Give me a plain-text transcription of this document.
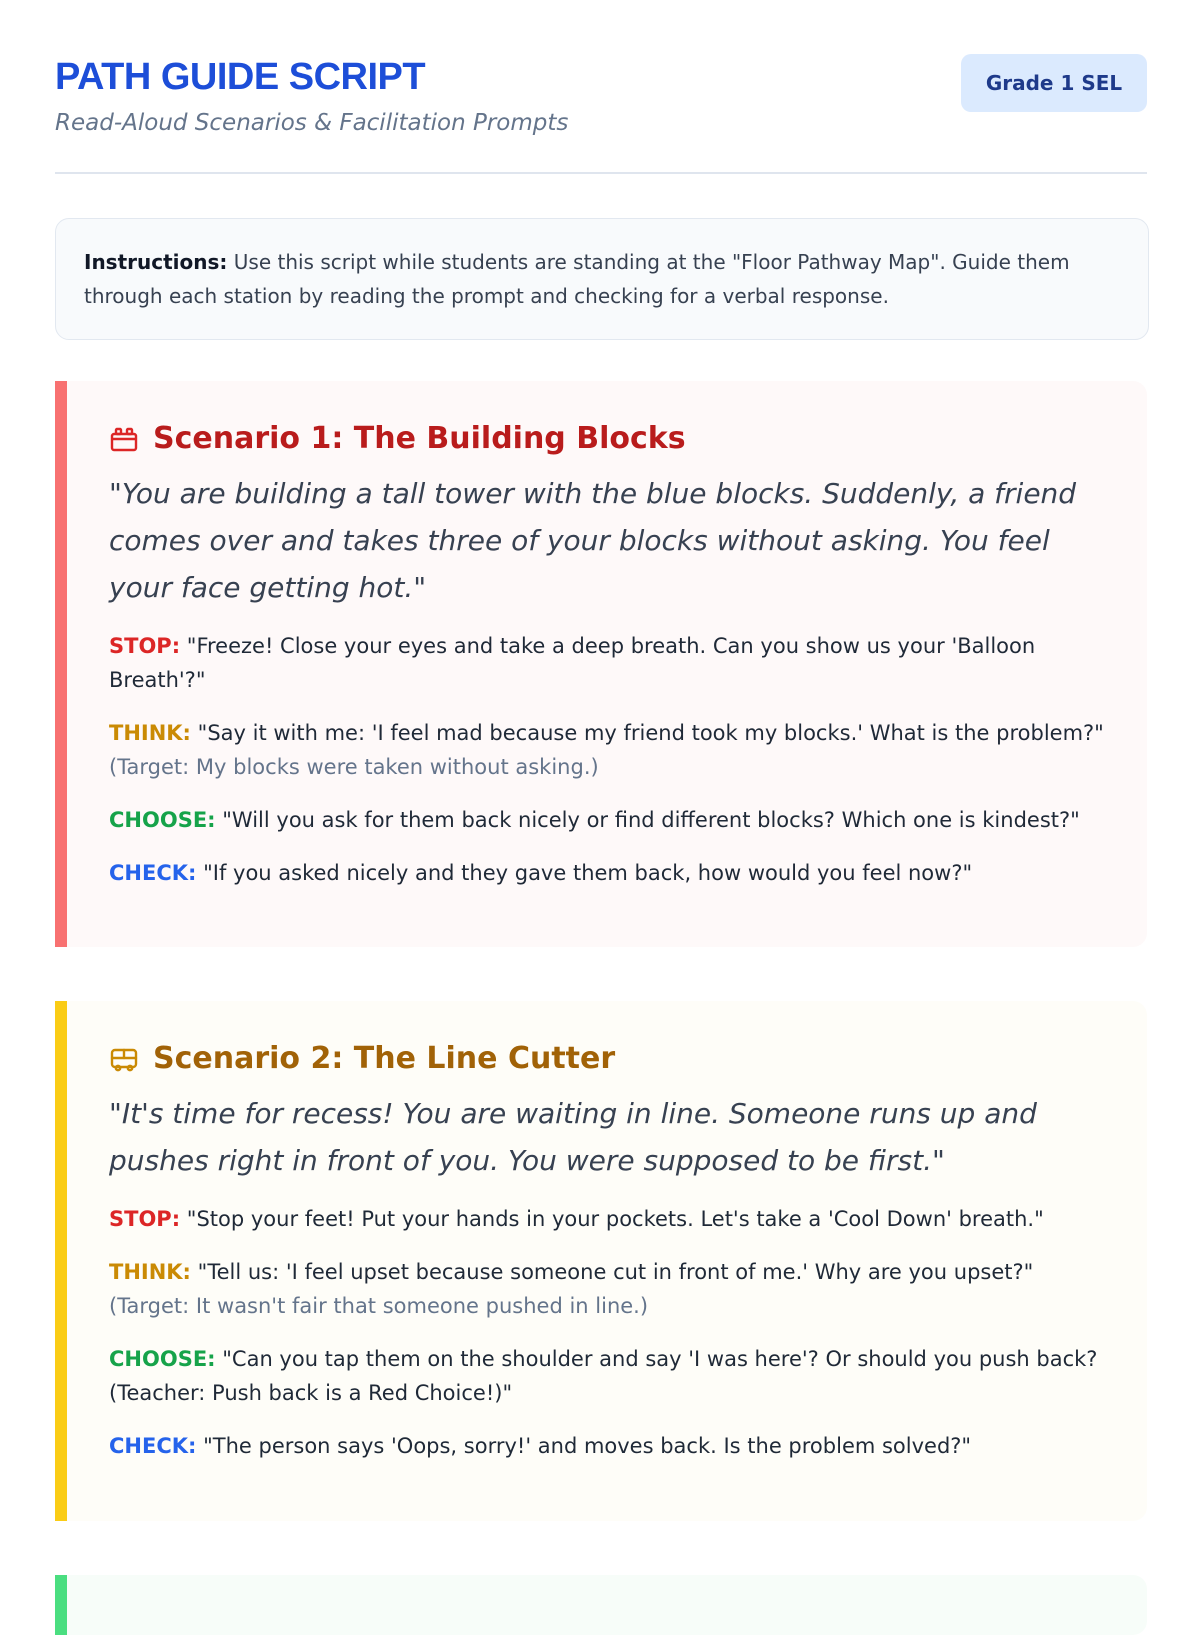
PATH GUIDE SCRIPT
Read-Aloud Scenarios & Facilitation Prompts
Grade 1 SEL
Instructions: Use this script while students are standing at the "Floor Pathway Map". Guide them through each station by reading the prompt and checking for a verbal response.
Scenario 1: The Building Blocks
"You are building a tall tower with the blue blocks. Suddenly, a friend comes over and takes three of your blocks without asking. You feel your face getting hot."
STOP: "Freeze! Close your eyes and take a deep breath. Can you show us your 'Balloon Breath'?"
THINK: "Say it with me: 'I feel mad because my friend took my blocks.' What is the problem?" (Target: My blocks were taken without asking.)
CHOOSE: "Will you ask for them back nicely or find different blocks? Which one is kindest?"
CHECK: "If you asked nicely and they gave them back, how would you feel now?"
Scenario 2: The Line Cutter
"It's time for recess! You are waiting in line. Someone runs up and pushes right in front of you. You were supposed to be first."
STOP: "Stop your feet! Put your hands in your pockets. Let's take a 'Cool Down' breath."
THINK: "Tell us: 'I feel upset because someone cut in front of me.' Why are you upset?" (Target: It wasn't fair that someone pushed in line.)
CHOOSE: "Can you tap them on the shoulder and say 'I was here'? Or should you push back? (Teacher: Push back is a Red Choice!)"
CHECK: "The person says 'Oops, sorry!' and moves back. Is the problem solved?"
